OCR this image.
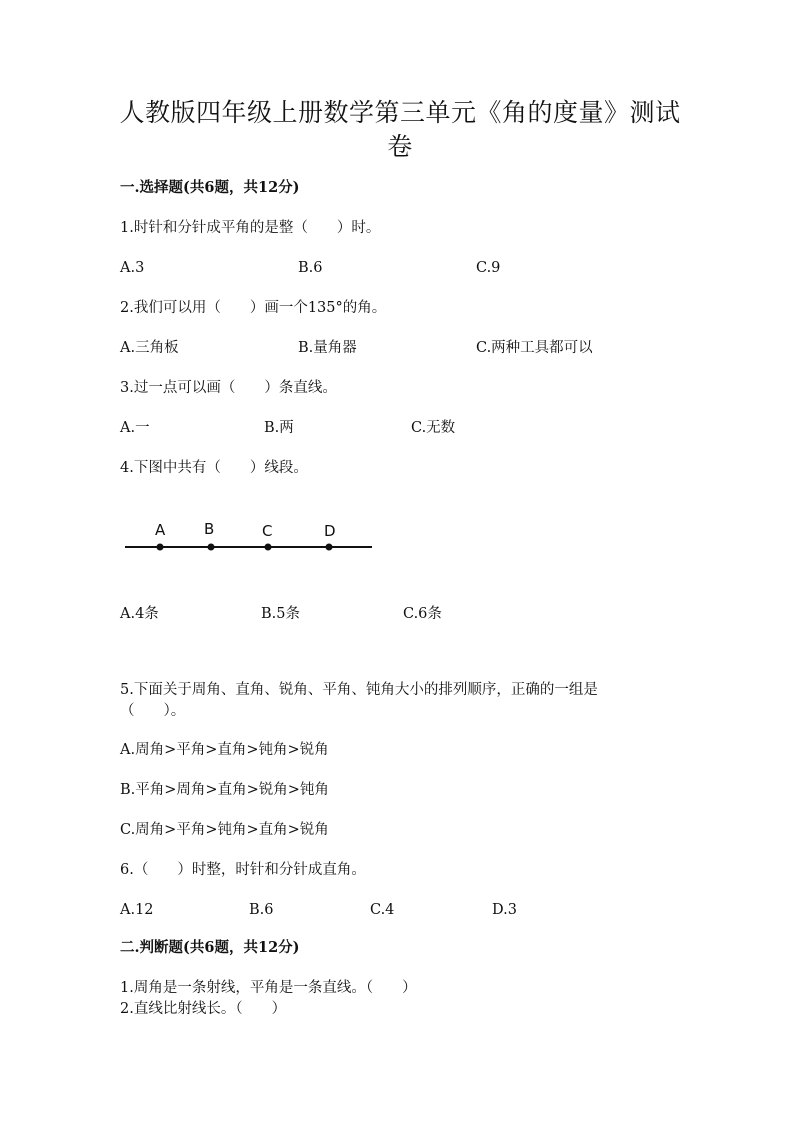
人教版四年级上册数学第三单元《角的度量》测试
卷
一.选择题(共6题，共12分)
1.时针和分针成平角的是整（　　）时。
A.3	B.6	C.9
2.我们可以用（　　）画一个135°的角。
A.三角板	B.量角器	C.两种工具都可以
3.过一点可以画（　　）条直线。
A.一	B.两	C.无数
4.下图中共有（　　）线段。
A	B	C	D
A.4条	B.5条	C.6条
5.下面关于周角、直角、锐角、平角、钝角大小的排列顺序，正确的一组是
（　　）。
A.周角>平角>直角>钝角>锐角
B.平角>周角>直角>锐角>钝角
C.周角>平角>钝角>直角>锐角
6.（　　）时整，时针和分针成直角。
A.12	B.6	C.4	D.3
二.判断题(共6题，共12分)
1.周角是一条射线，平角是一条直线。（　　）
2.直线比射线长。（　　）
